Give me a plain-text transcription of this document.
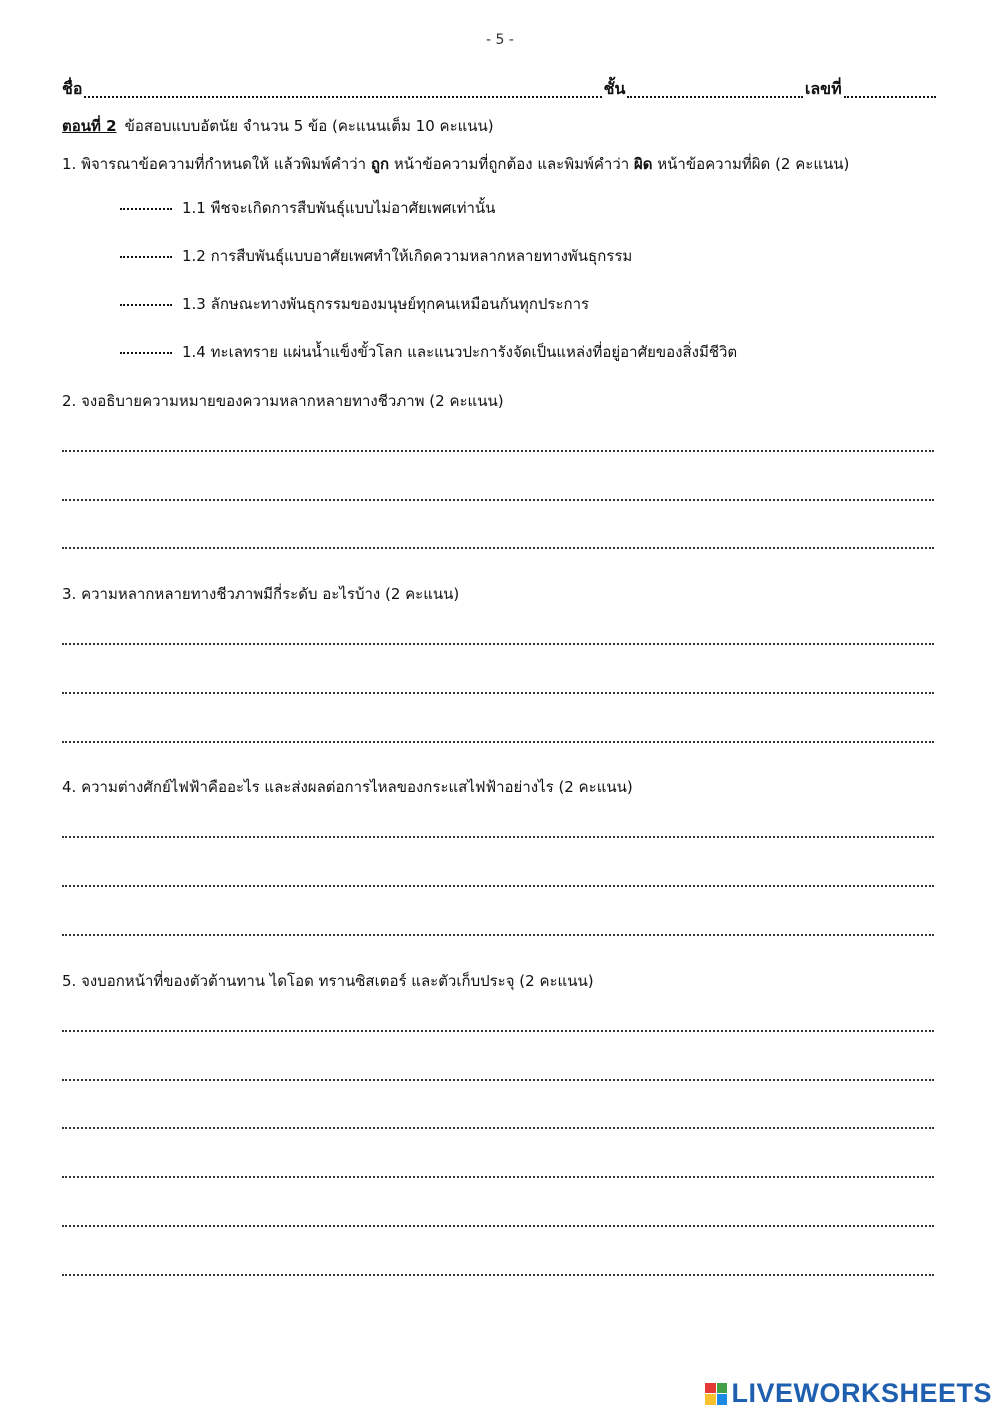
- 5 -
ชื่อ	ชั้น	เลขที่
ตอนที่ 2 ข้อสอบแบบอัตนัย จำนวน 5 ข้อ (คะแนนเต็ม 10 คะแนน)
1. พิจารณาข้อความที่กำหนดให้ แล้วพิมพ์คำว่า ถูก หน้าข้อความที่ถูกต้อง และพิมพ์คำว่า ผิด หน้าข้อความที่ผิด (2 คะแนน)
1.1 พืชจะเกิดการสืบพันธุ์แบบไม่อาศัยเพศเท่านั้น
1.2 การสืบพันธุ์แบบอาศัยเพศทำให้เกิดความหลากหลายทางพันธุกรรม
1.3 ลักษณะทางพันธุกรรมของมนุษย์ทุกคนเหมือนกันทุกประการ
1.4 ทะเลทราย แผ่นน้ำแข็งขั้วโลก และแนวปะการังจัดเป็นแหล่งที่อยู่อาศัยของสิ่งมีชีวิต
2. จงอธิบายความหมายของความหลากหลายทางชีวภาพ (2 คะแนน)
3. ความหลากหลายทางชีวภาพมีกี่ระดับ อะไรบ้าง (2 คะแนน)
4. ความต่างศักย์ไฟฟ้าคืออะไร และส่งผลต่อการไหลของกระแสไฟฟ้าอย่างไร (2 คะแนน)
5. จงบอกหน้าที่ของตัวต้านทาน ไดโอด ทรานซิสเตอร์ และตัวเก็บประจุ (2 คะแนน)
LIVEWORKSHEETS
